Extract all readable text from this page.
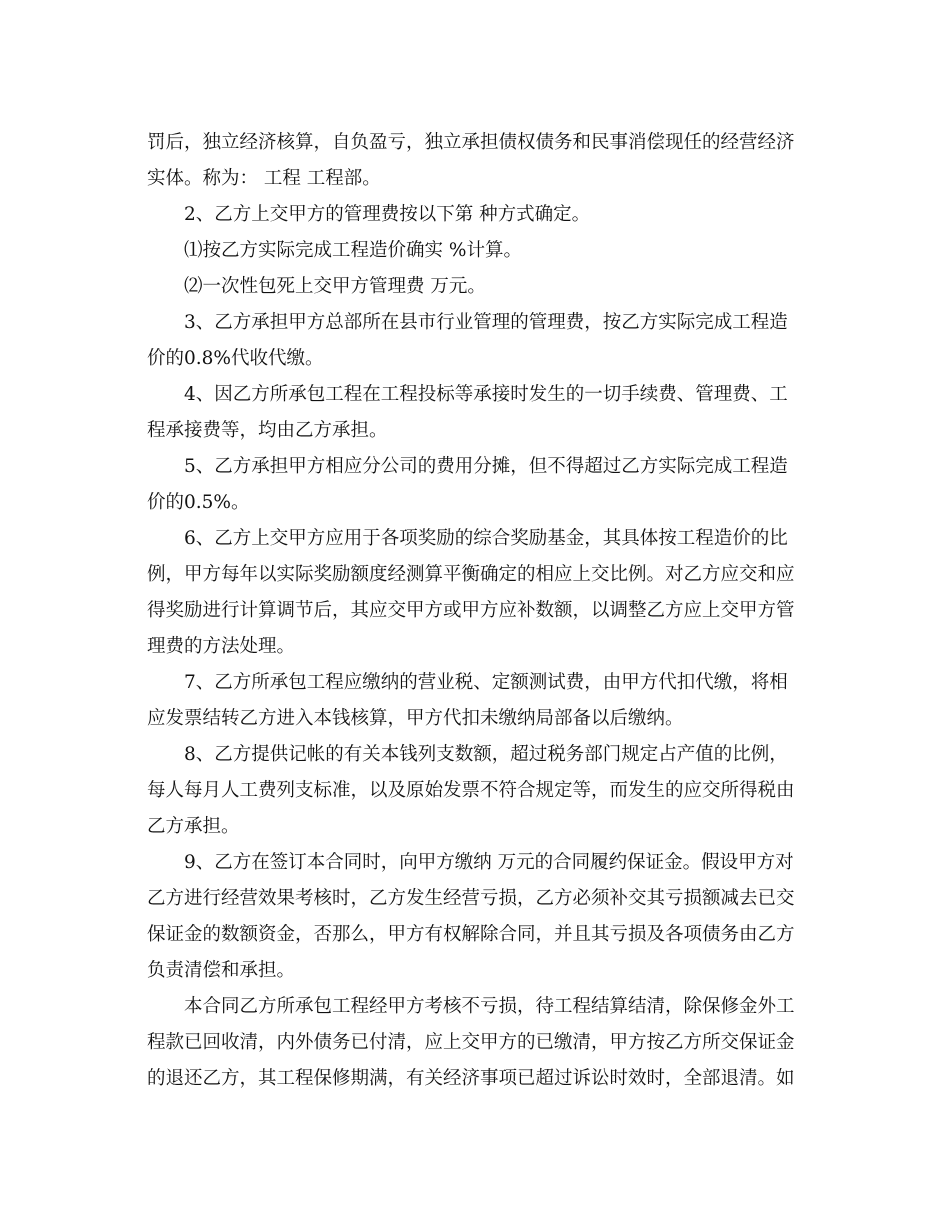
罚后，独立经济核算，自负盈亏，独立承担债权债务和民事消偿现任的经营经济
实体。称为： 工程 工程部。
2、乙方上交甲方的管理费按以下第 种方式确定。
⑴按乙方实际完成工程造价确实 %计算。
⑵一次性包死上交甲方管理费 万元。
3、乙方承担甲方总部所在县市行业管理的管理费，按乙方实际完成工程造
价的0.8%代收代缴。
4、因乙方所承包工程在工程投标等承接时发生的一切手续费、管理费、工
程承接费等，均由乙方承担。
5、乙方承担甲方相应分公司的费用分摊，但不得超过乙方实际完成工程造
价的0.5%。
6、乙方上交甲方应用于各项奖励的综合奖励基金，其具体按工程造价的比
例，甲方每年以实际奖励额度经测算平衡确定的相应上交比例。对乙方应交和应
得奖励进行计算调节后，其应交甲方或甲方应补数额，以调整乙方应上交甲方管
理费的方法处理。
7、乙方所承包工程应缴纳的营业税、定额测试费，由甲方代扣代缴，将相
应发票结转乙方进入本钱核算，甲方代扣未缴纳局部备以后缴纳。
8、乙方提供记帐的有关本钱列支数额，超过税务部门规定占产值的比例，
每人每月人工费列支标准，以及原始发票不符合规定等，而发生的应交所得税由
乙方承担。
9、乙方在签订本合同时，向甲方缴纳 万元的合同履约保证金。假设甲方对
乙方进行经营效果考核时，乙方发生经营亏损，乙方必须补交其亏损额减去已交
保证金的数额资金，否那么，甲方有权解除合同，并且其亏损及各项债务由乙方
负责清偿和承担。
本合同乙方所承包工程经甲方考核不亏损，待工程结算结清，除保修金外工
程款已回收清，内外债务已付清，应上交甲方的已缴清，甲方按乙方所交保证金
的退还乙方，其工程保修期满，有关经济事项已超过诉讼时效时，全部退清。如
